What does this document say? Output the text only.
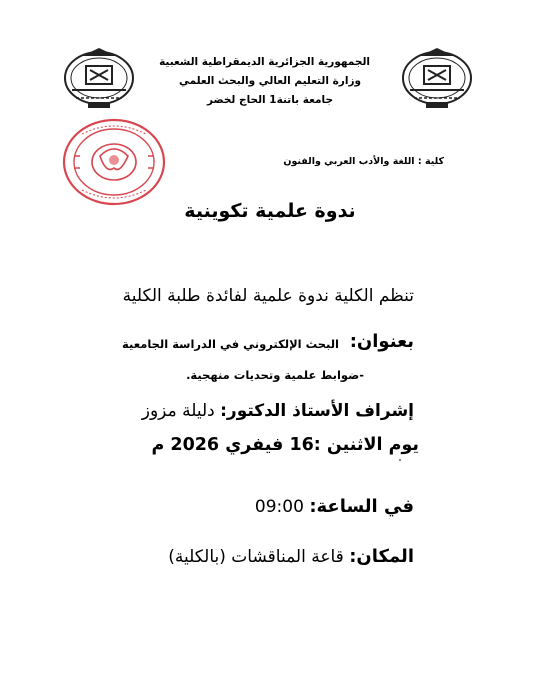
الجمهورية الجزائرية الديمقراطية الشعبية
وزارة التعليم العالي والبحث العلمي
جامعة باتنة1 الحاج لخضر
كلية : اللغة والأدب العربي والفنون
ندوة علمية تكوينية
تنظم الكلية ندوة علمية لفائدة طلبة الكلية
بعنوان:
البحث الإلكتروني في الدراسة الجامعية
-ضوابط علمية وتحديات منهجية.
إشراف الأستاذ الدكتور: دليلة مزوز
يوم الاثنين :16 فيفري 2026 م
في الساعة: 09:00
المكان: قاعة المناقشات (بالكلية)
